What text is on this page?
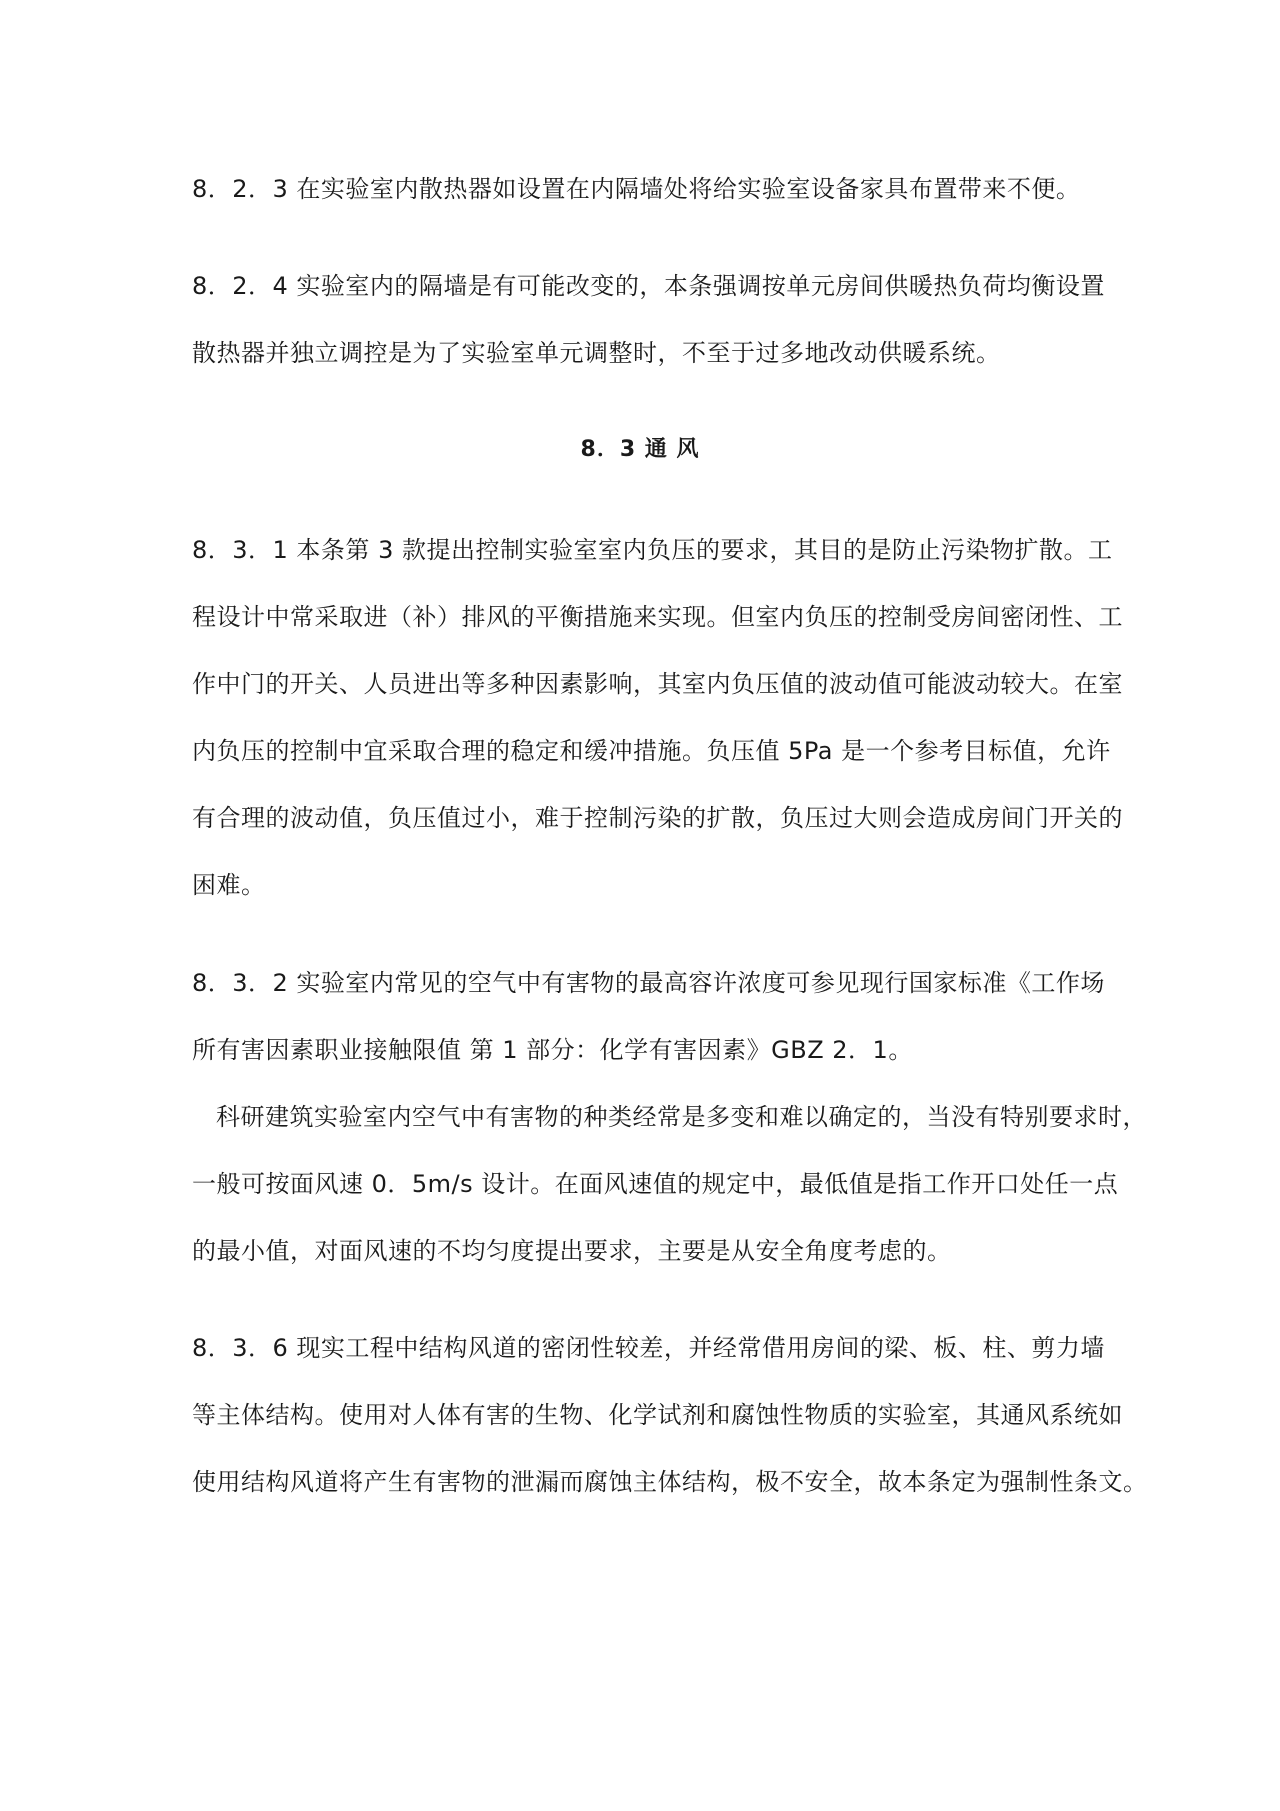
8．2．3 在实验室内散热器如设置在内隔墙处将给实验室设备家具布置带来不便。
8．2．4 实验室内的隔墙是有可能改变的，本条强调按单元房间供暖热负荷均衡设置
散热器并独立调控是为了实验室单元调整时，不至于过多地改动供暖系统。
8．3 通 风
8．3．1 本条第 3 款提出控制实验室室内负压的要求，其目的是防止污染物扩散。工
程设计中常采取进（补）排风的平衡措施来实现。但室内负压的控制受房间密闭性、工
作中门的开关、人员进出等多种因素影响，其室内负压值的波动值可能波动较大。在室
内负压的控制中宜采取合理的稳定和缓冲措施。负压值 5Pa 是一个参考目标值，允许
有合理的波动值，负压值过小，难于控制污染的扩散，负压过大则会造成房间门开关的
困难。
8．3．2 实验室内常见的空气中有害物的最高容许浓度可参见现行国家标准《工作场
所有害因素职业接触限值 第 1 部分：化学有害因素》GBZ 2．1。
科研建筑实验室内空气中有害物的种类经常是多变和难以确定的，当没有特别要求时，
一般可按面风速 0．5m/s 设计。在面风速值的规定中，最低值是指工作开口处任一点
的最小值，对面风速的不均匀度提出要求，主要是从安全角度考虑的。
8．3．6 现实工程中结构风道的密闭性较差，并经常借用房间的梁、板、柱、剪力墙
等主体结构。使用对人体有害的生物、化学试剂和腐蚀性物质的实验室，其通风系统如
使用结构风道将产生有害物的泄漏而腐蚀主体结构，极不安全，故本条定为强制性条文。
